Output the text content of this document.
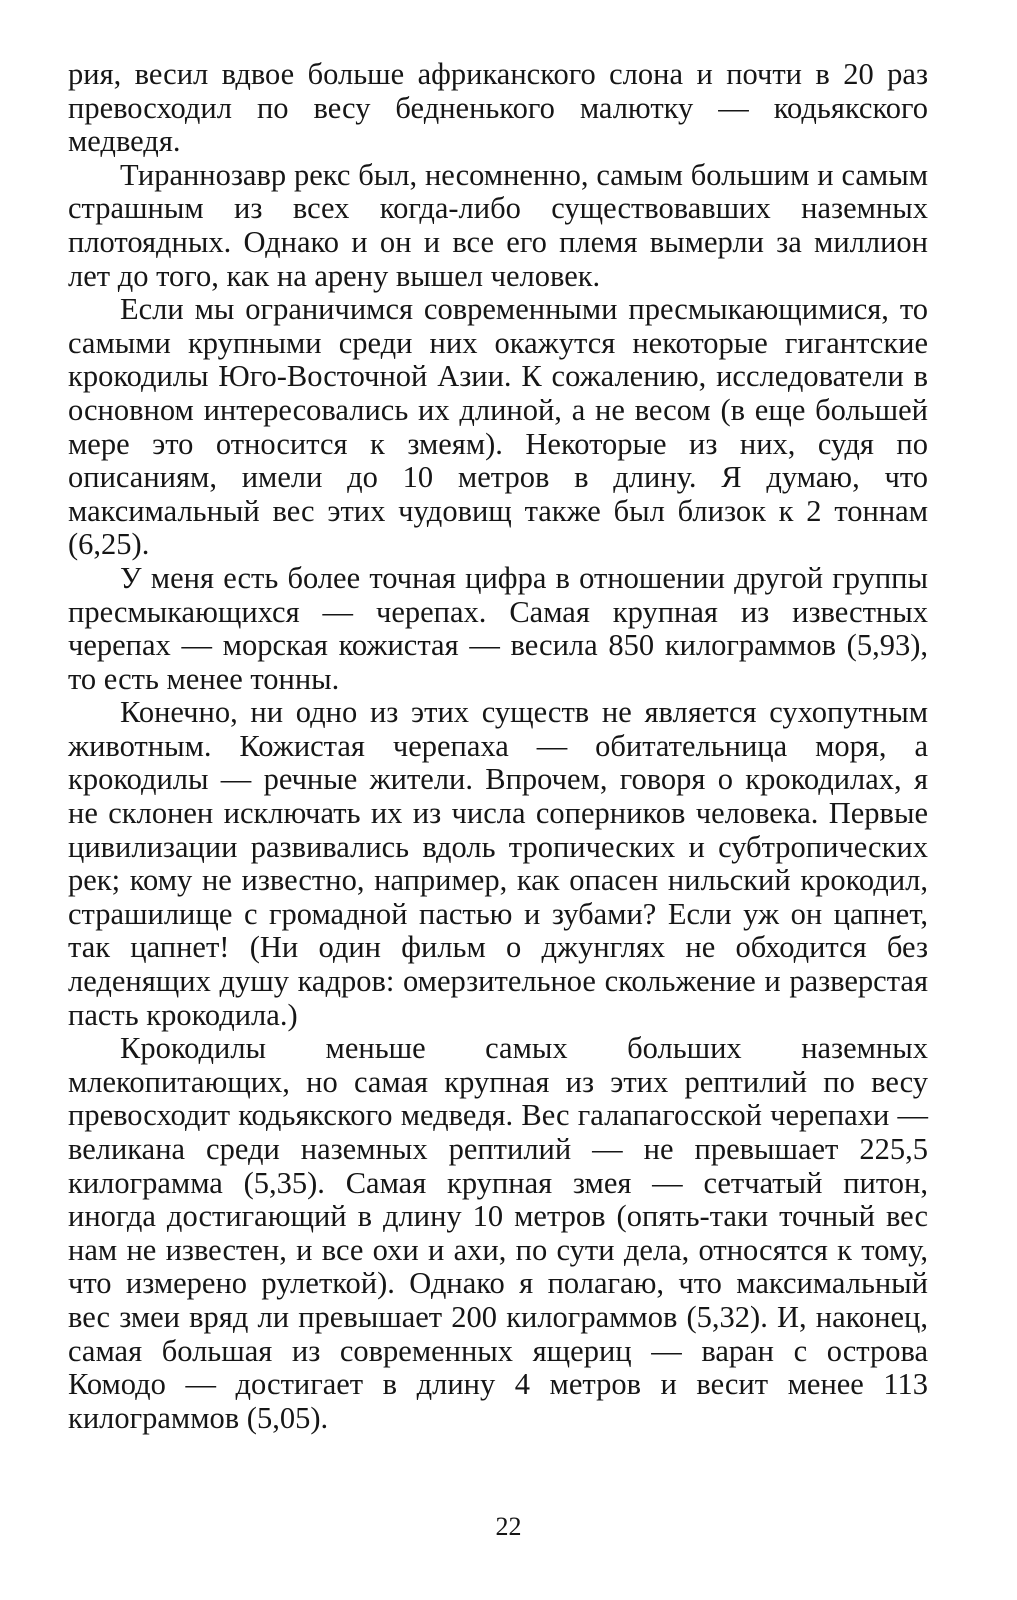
рия, весил вдвое больше африканского слона и почти в 20 раз превосходил по весу бедненького малютку — кодьякского медведя.

Тираннозавр рекс был, несомненно, самым большим и самым страшным из всех когда-либо существовавших наземных плотоядных. Однако и он и все его племя вымерли за миллион лет до того, как на арену вышел человек.

Если мы ограничимся современными пресмыкающимися, то самыми крупными среди них окажутся некоторые гигантские крокодилы Юго-Восточной Азии. К сожалению, исследователи в основном интересовались их длиной, а не весом (в еще большей мере это относится к змеям). Некоторые из них, судя по описаниям, имели до 10 метров в длину. Я думаю, что максимальный вес этих чудовищ также был близок к 2 тоннам (6,25).

У меня есть более точная цифра в отношении другой группы пресмыкающихся — черепах. Самая крупная из известных черепах — морская кожистая — весила 850 килограммов (5,93), то есть менее тонны.

Конечно, ни одно из этих существ не является сухопутным животным. Кожистая черепаха — обитательница моря, а крокодилы — речные жители. Впрочем, говоря о крокодилах, я не склонен исключать их из числа соперников человека. Первые цивилизации развивались вдоль тропических и субтропических рек; кому не известно, например, как опасен нильский крокодил, страшилище с громадной пастью и зубами? Если уж он цапнет, так цапнет! (Ни один фильм о джунглях не обходится без леденящих душу кадров: омерзительное скольжение и разверстая пасть крокодила.)

Крокодилы меньше самых больших наземных млекопитающих, но самая крупная из этих рептилий по весу превосходит кодьякского медведя. Вес галапагосской черепахи — великана среди наземных рептилий — не превышает 225,5 килограмма (5,35). Самая крупная змея — сетчатый питон, иногда достигающий в длину 10 метров (опять-таки точный вес нам не известен, и все охи и ахи, по сути дела, относятся к тому, что измерено рулеткой). Однако я полагаю, что максимальный вес змеи вряд ли превышает 200 килограммов (5,32). И, наконец, самая большая из современных ящериц — варан с острова Комодо — достигает в длину 4 метров и весит менее 113 килограммов (5,05).

22
